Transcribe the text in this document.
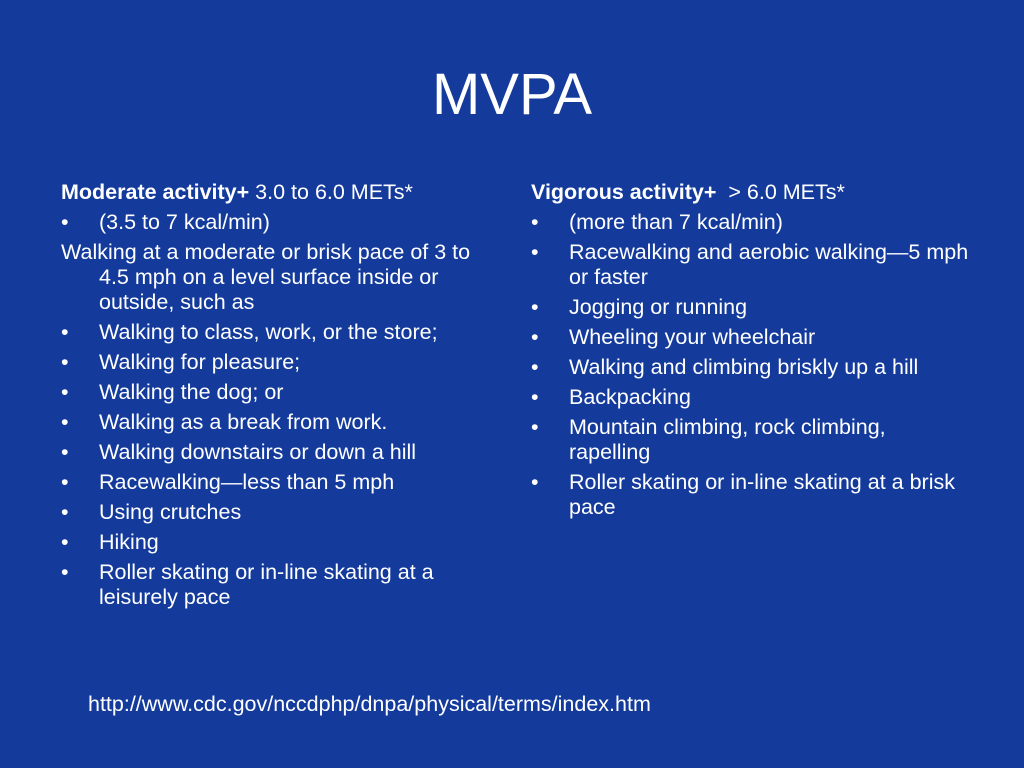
MVPA
Moderate activity+ 3.0 to 6.0 METs*
•	(3.5 to 7 kcal/min)
Walking at a moderate or brisk pace of 3 to 4.5 mph on a level surface inside or outside, such as
•	Walking to class, work, or the store;
•	Walking for pleasure;
•	Walking the dog; or
•	Walking as a break from work.
•	Walking downstairs or down a hill
•	Racewalking—less than 5 mph
•	Using crutches
•	Hiking
•	Roller skating or in-line skating at a leisurely pace
Vigorous activity+  > 6.0 METs*
•	(more than 7 kcal/min)
•	Racewalking and aerobic walking—5 mph or faster
•	Jogging or running
•	Wheeling your wheelchair
•	Walking and climbing briskly up a hill
•	Backpacking
•	Mountain climbing, rock climbing, rapelling
•	Roller skating or in-line skating at a brisk pace
http://www.cdc.gov/nccdphp/dnpa/physical/terms/index.htm
